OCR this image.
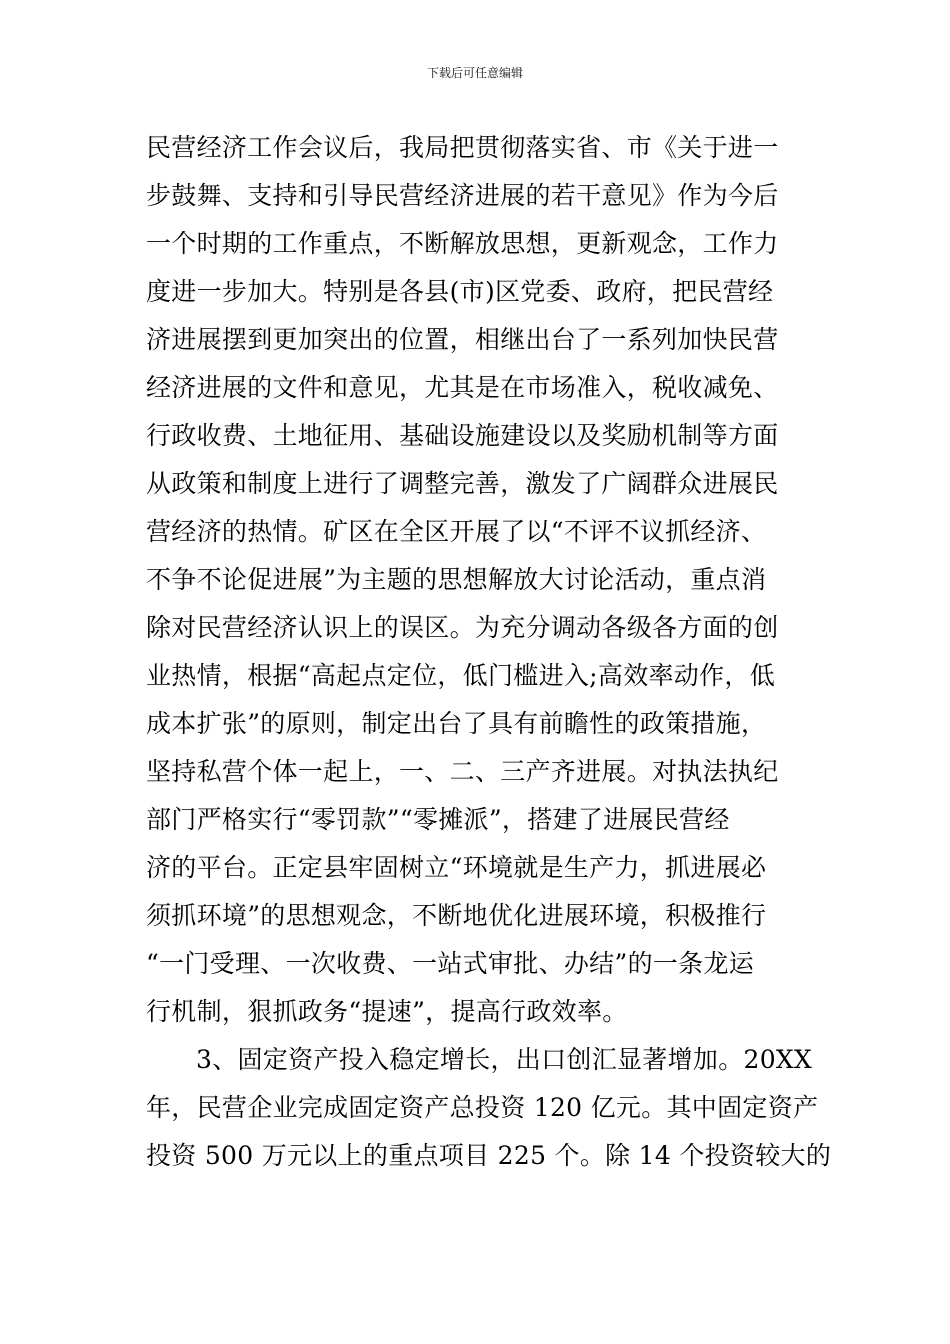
下载后可任意编辑
民营经济工作会议后，我局把贯彻落实省、市《关于进一
步鼓舞、支持和引导民营经济进展的若干意见》作为今后
一个时期的工作重点，不断解放思想，更新观念，工作力
度进一步加大。特别是各县(市)区党委、政府，把民营经
济进展摆到更加突出的位置，相继出台了一系列加快民营
经济进展的文件和意见，尤其是在市场准入，税收减免、
行政收费、土地征用、基础设施建设以及奖励机制等方面
从政策和制度上进行了调整完善，激发了广阔群众进展民
营经济的热情。矿区在全区开展了以“不评不议抓经济、
不争不论促进展”为主题的思想解放大讨论活动，重点消
除对民营经济认识上的误区。为充分调动各级各方面的创
业热情，根据“高起点定位，低门槛进入;高效率动作，低
成本扩张”的原则，制定出台了具有前瞻性的政策措施，
坚持私营个体一起上，一、二、三产齐进展。对执法执纪
部门严格实行“零罚款”“零摊派”，搭建了进展民营经
济的平台。正定县牢固树立“环境就是生产力，抓进展必
须抓环境”的思想观念，不断地优化进展环境，积极推行
“一门受理、一次收费、一站式审批、办结”的一条龙运
行机制，狠抓政务“提速”，提高行政效率。
3、固定资产投入稳定增长，出口创汇显著增加。20XX
年，民营企业完成固定资产总投资 120 亿元。其中固定资产
投资 500 万元以上的重点项目 225 个。除 14 个投资较大的
